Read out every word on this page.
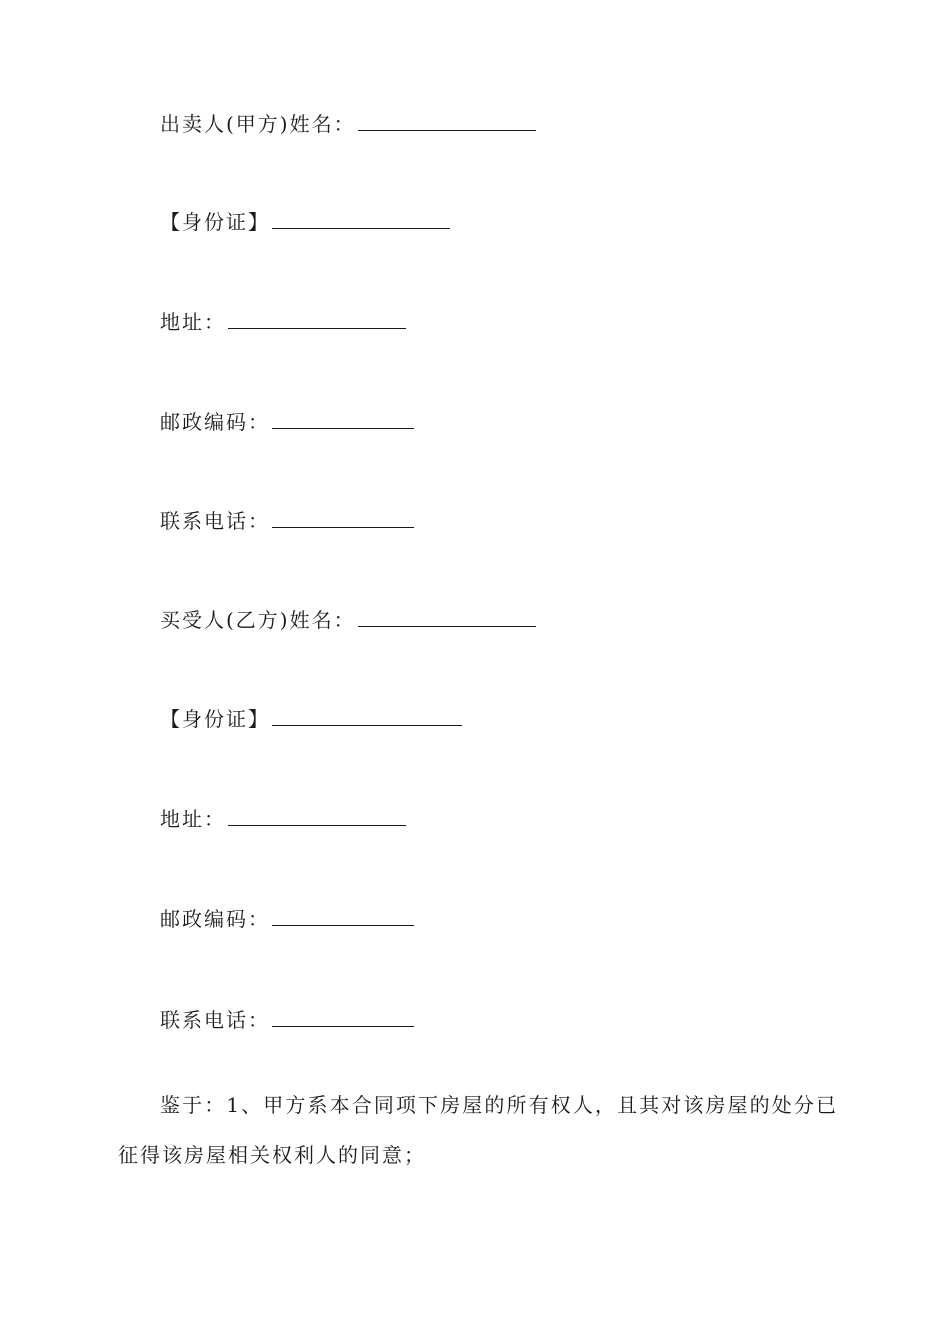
出卖人(甲方)姓名：
【身份证】
地址：
邮政编码：
联系电话：
买受人(乙方)姓名：
【身份证】
地址：
邮政编码：
联系电话：

鉴于：1、甲方系本合同项下房屋的所有权人，且其对该房屋的处分已征得该房屋相关权利人的同意；
